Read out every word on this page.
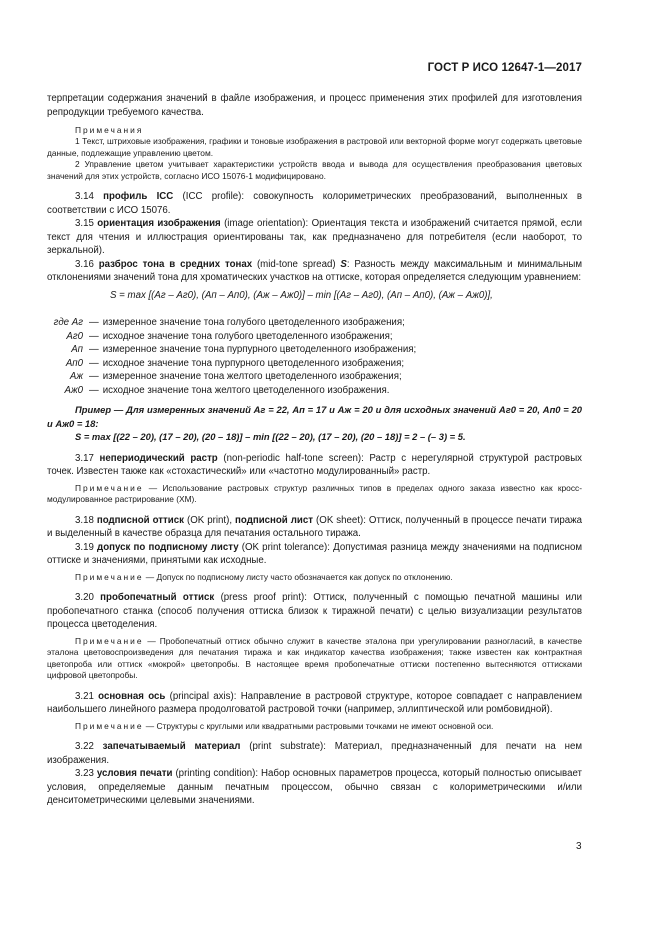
ГОСТ Р ИСО 12647-1—2017

терпретации содержания значений в файле изображения, и процесс применения этих профилей для изготовления репродукции требуемого качества.

Примечания

1 Текст, штриховые изображения, графики и тоновые изображения в растровой или векторной форме могут содержать цветовые данные, подлежащие управлению цветом.

2 Управление цветом учитывает характеристики устройств ввода и вывода для осуществления преобразования цветовых значений для этих устройств, согласно ИСО 15076-1 модифицировано.

3.14 профиль ICC (ICC profile): совокупность колориметрических преобразований, выполненных в соответствии с ИСО 15076.

3.15 ориентация изображения (image orientation): Ориентация текста и изображений считается прямой, если текст для чтения и иллюстрация ориентированы так, как предназначено для потребителя (если наоборот, то зеркальной).

3.16 разброс тона в средних тонах (mid-tone spread) S: Разность между максимальным и минимальным отклонениями значений тона для хроматических участков на оттиске, которая определяется следующим уравнением:

S = max [(Aг – Aг0), (Aп – Aп0), (Aж – Aж0)] – min [(Aг – Aг0), (Aп – Aп0), (Aж – Aж0)],

где Aг — измеренное значение тона голубого цветоделенного изображения;
Aг0 — исходное значение тона голубого цветоделенного изображения;
Aп — измеренное значение тона пурпурного цветоделенного изображения;
Aп0 — исходное значение тона пурпурного цветоделенного изображения;
Aж — измеренное значение тона желтого цветоделенного изображения;
Aж0 — исходное значение тона желтого цветоделенного изображения.

Пример — Для измеренных значений Aг = 22, Aп = 17 и Aж = 20 и для исходных значений Aг0 = 20, Aп0 = 20 и Aж0 = 18:

S = max [(22 – 20), (17 – 20), (20 – 18)] – min [(22 – 20), (17 – 20), (20 – 18)] = 2 – (– 3) = 5.

3.17 непериодический растр (non-periodic half-tone screen): Растр с нерегулярной структурой растровых точек. Известен также как «стохастический» или «частотно модулированный» растр.

Примечание — Использование растровых структур различных типов в пределах одного заказа известно как кросс-модулированное растрирование (XM).

3.18 подписной оттиск (OK print), подписной лист (OK sheet): Оттиск, полученный в процессе печати тиража и выделенный в качестве образца для печатания остального тиража.

3.19 допуск по подписному листу (OK print tolerance): Допустимая разница между значениями на подписном оттиске и значениями, принятыми как исходные.

Примечание — Допуск по подписному листу часто обозначается как допуск по отклонению.

3.20 пробопечатный оттиск (press proof print): Оттиск, полученный с помощью печатной машины или пробопечатного станка (способ получения оттиска близок к тиражной печати) с целью визуализации результатов процесса цветоделения.

Примечание — Пробопечатный оттиск обычно служит в качестве эталона при урегулировании разногласий, в качестве эталона цветовоспроизведения для печатания тиража и как индикатор качества изображения; также известен как контрактная цветопроба или оттиск «мокрой» цветопробы. В настоящее время пробопечатные оттиски постепенно вытесняются оттисками цифровой цветопробы.

3.21 основная ось (principal axis): Направление в растровой структуре, которое совпадает с направлением наибольшего линейного размера продолговатой растровой точки (например, эллиптической или ромбовидной).

Примечание — Структуры с круглыми или квадратными растровыми точками не имеют основной оси.

3.22 запечатываемый материал (print substrate): Материал, предназначенный для печати на нем изображения.

3.23 условия печати (printing condition): Набор основных параметров процесса, который полностью описывает условия, определяемые данным печатным процессом, обычно связан с колориметрическими и/или денситометрическими целевыми значениями.

3
